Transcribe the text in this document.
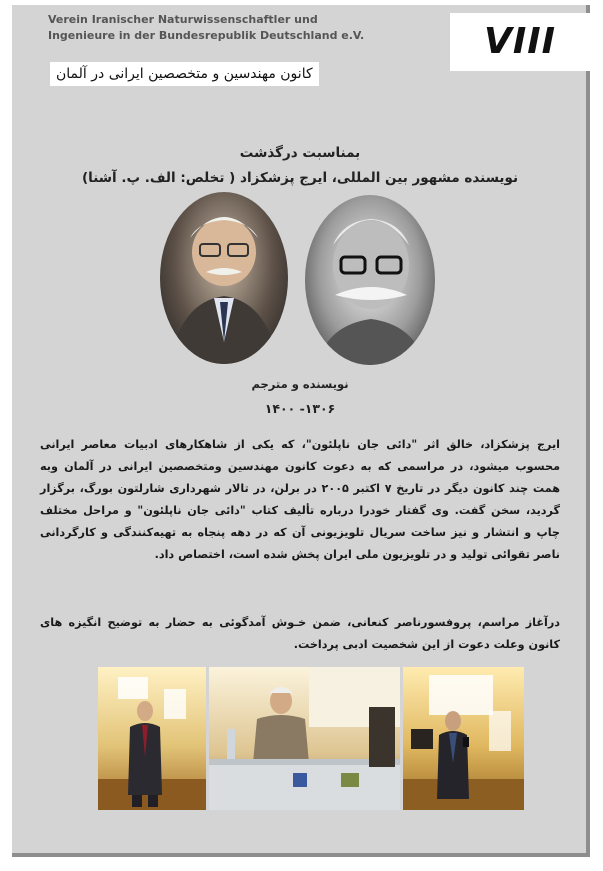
Verein Iranischer Naturwissenschaftler und Ingenieure in der Bundesrepublik Deutschland e.V.
کانون مهندسین و متخصصین ایرانی در آلمان
VIII
بمناسبت درگذشت
نویسنده مشهور بین المللی، ایرج پزشکزاد ( تخلص: الف. پ. آشنا)
نویسنده و مترجم
۱۳۰۶- ۱۴۰۰
ایرج پزشکزاد، خالق اثر "دائی جان ناپلئون"، که یکی از شاهکارهای ادبیات معاصر ایرانی محسوب میشود، در مراسمی که به دعوت کانون مهندسین ومتخصصین ایرانی در آلمان وبه همت چند کانون دیگر در تاریخ ۷ اکتبر ۲۰۰۵ در برلن، در تالار شهرداری شارلتون بورگ، برگزار گردید، سخن گفت. وی گفتار خودرا درباره تألیف کتاب "دائی جان ناپلئون" و مراحل مختلف چاپ و انتشار و نیز ساخت سریال تلویزیونی آن که در دهه پنجاه به تهیه‌کنندگی و کارگردانی ناصر تقوائی تولید و در تلویزیون ملی ایران پخش شده است، اختصاص داد.
درآغاز مراسم، پروفسورناصر کنعانی، ضمن خـوش آمدگوئی به حضار به توضیح انگیزه های کانون وعلت دعوت از این شخصیت ادبی پرداخت.
